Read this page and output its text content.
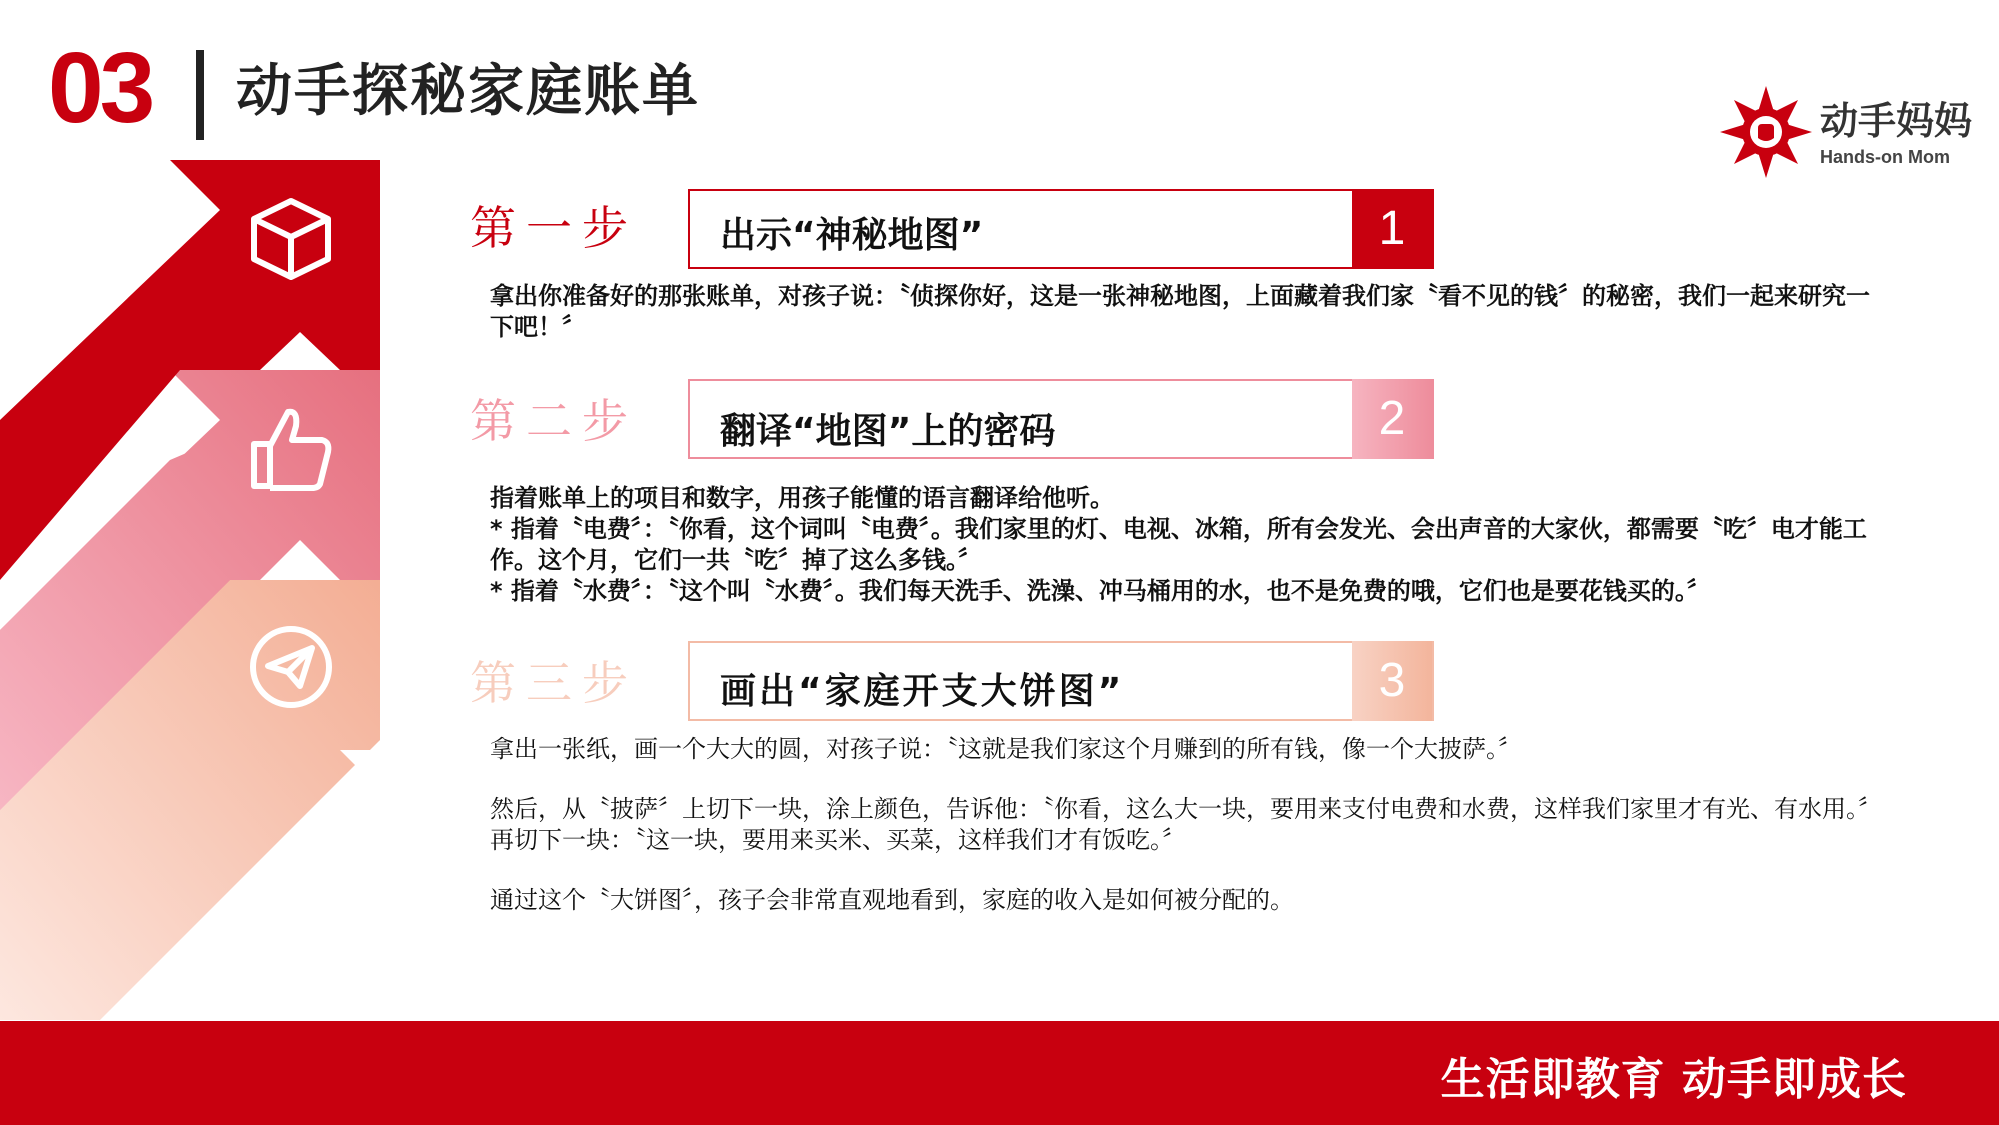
03 动手探秘家庭账单	动手妈妈
Hands-on Mom
第一步 出示“神秘地图”	1

拿出你准备好的那张账单，对孩子说：〝侦探你好，这是一张神秘地图，上面藏着我们家〝看不见的钱〞的秘密，我们一起来研究一下吧！〞

第二步 翻译“地图”上的密码	2

指着账单上的项目和数字，用孩子能懂的语言翻译给他听。

* 指着〝电费〞：〝你看，这个词叫〝电费〞。我们家里的灯、电视、冰箱，所有会发光、会出声音的大家伙，都需要〝吃〞电才能工作。这个月，它们一共〝吃〞掉了这么多钱。〞

* 指着〝水费〞：〝这个叫〝水费〞。我们每天洗手、洗澡、冲马桶用的水，也不是免费的哦，它们也是要花钱买的。〞

第三步 画出“家庭开支大饼图”	3

拿出一张纸，画一个大大的圆，对孩子说：〝这就是我们家这个月赚到的所有钱，像一个大披萨。〞

然后，从〝披萨〞上切下一块，涂上颜色，告诉他：〝你看，这么大一块，要用来支付电费和水费，这样我们家里才有光、有水用。〞再切下一块：〝这一块，要用来买米、买菜，这样我们才有饭吃。〞

通过这个〝大饼图〞，孩子会非常直观地看到，家庭的收入是如何被分配的。

生活即教育 动手即成长
